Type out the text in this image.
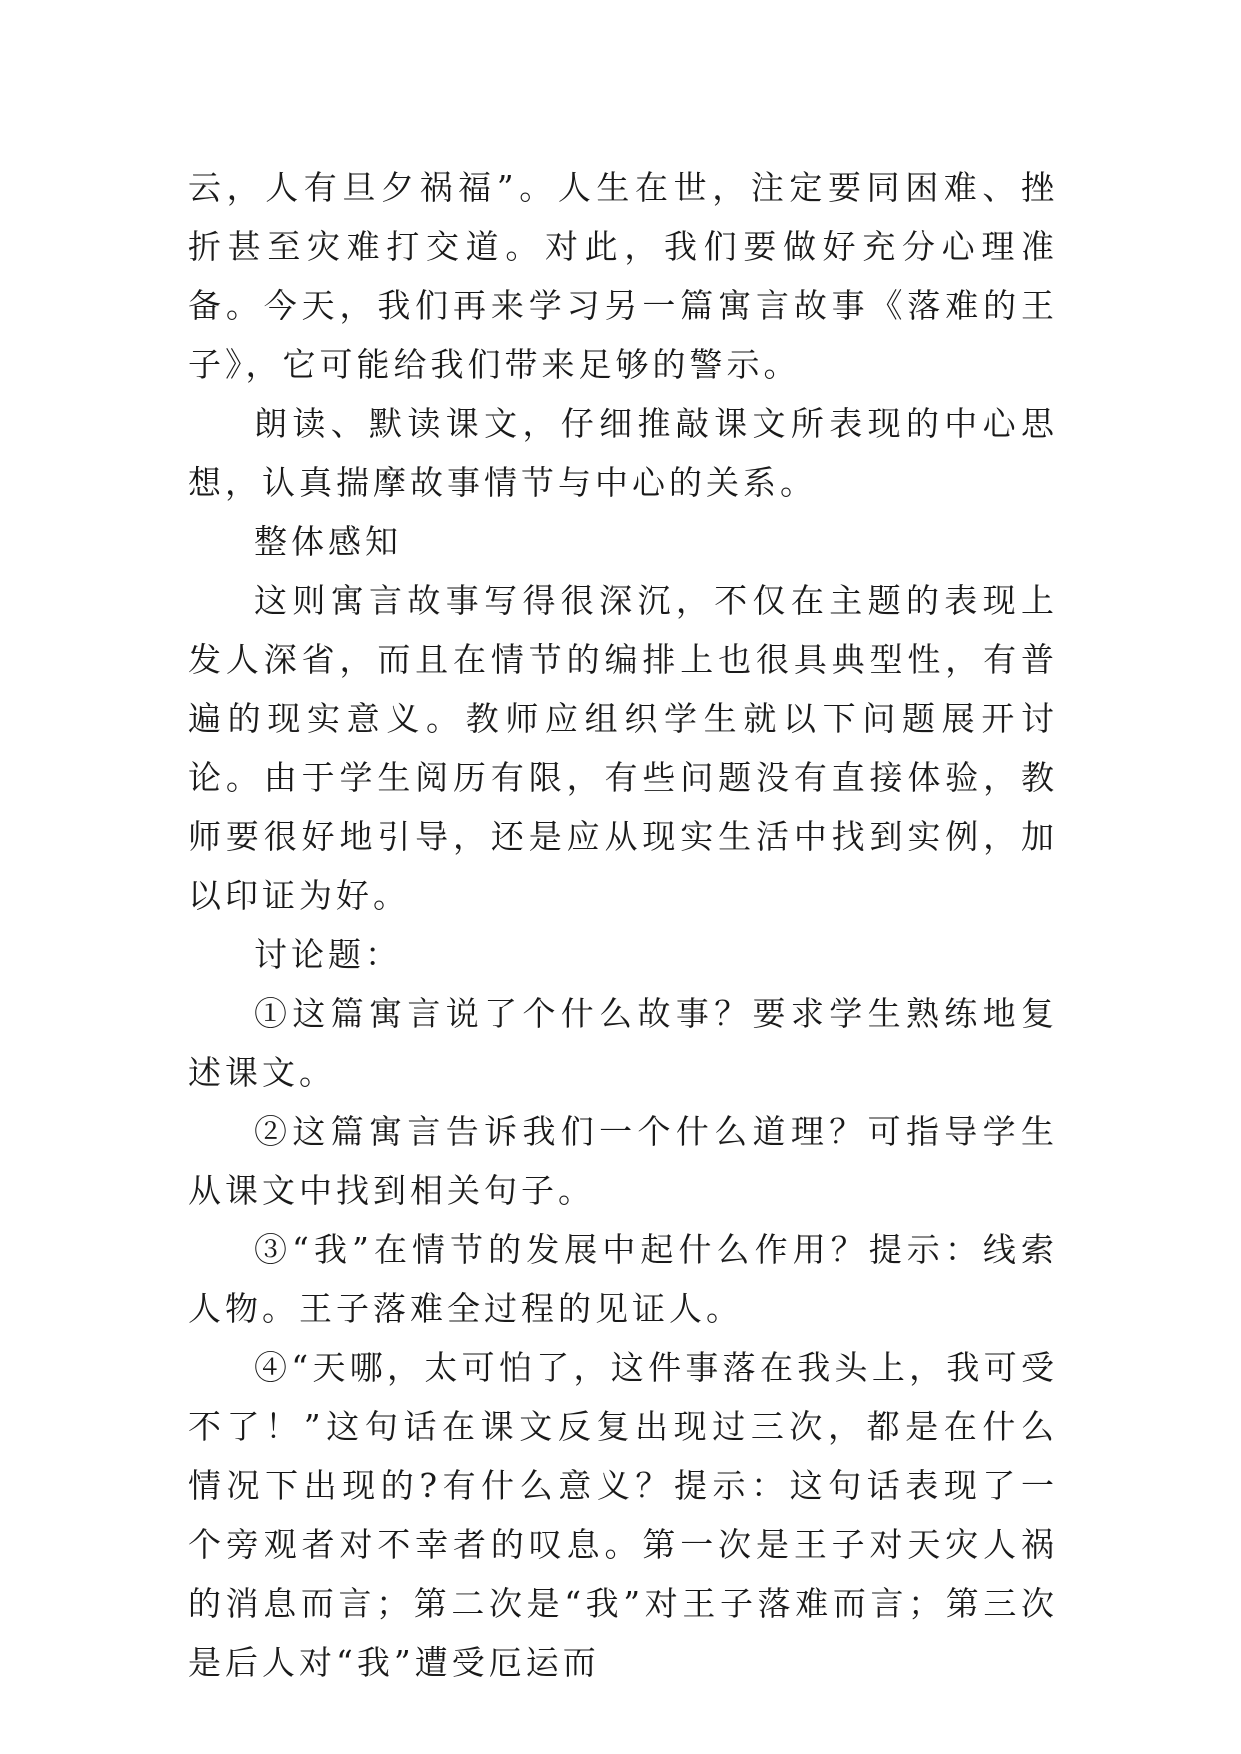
云，人有旦夕祸福”。人生在世，注定要同困难、挫折甚至灾难打交道。对此，我们要做好充分心理准备。今天，我们再来学习另一篇寓言故事《落难的王子》，它可能给我们带来足够的警示。

朗读、默读课文，仔细推敲课文所表现的中心思想，认真揣摩故事情节与中心的关系。

整体感知

这则寓言故事写得很深沉，不仅在主题的表现上发人深省，而且在情节的编排上也很具典型性，有普遍的现实意义。教师应组织学生就以下问题展开讨论。由于学生阅历有限，有些问题没有直接体验，教师要很好地引导，还是应从现实生活中找到实例，加以印证为好。

讨论题：

①这篇寓言说了个什么故事？要求学生熟练地复述课文。

②这篇寓言告诉我们一个什么道理？可指导学生从课文中找到相关句子。

③“我”在情节的发展中起什么作用？提示：线索人物。王子落难全过程的见证人。

④“天哪，太可怕了，这件事落在我头上，我可受不了！”这句话在课文反复出现过三次，都是在什么情况下出现的?有什么意义？提示：这句话表现了一个旁观者对不幸者的叹息。第一次是王子对天灾人祸的消息而言；第二次是“我”对王子落难而言；第三次是后人对“我”遭受厄运而
